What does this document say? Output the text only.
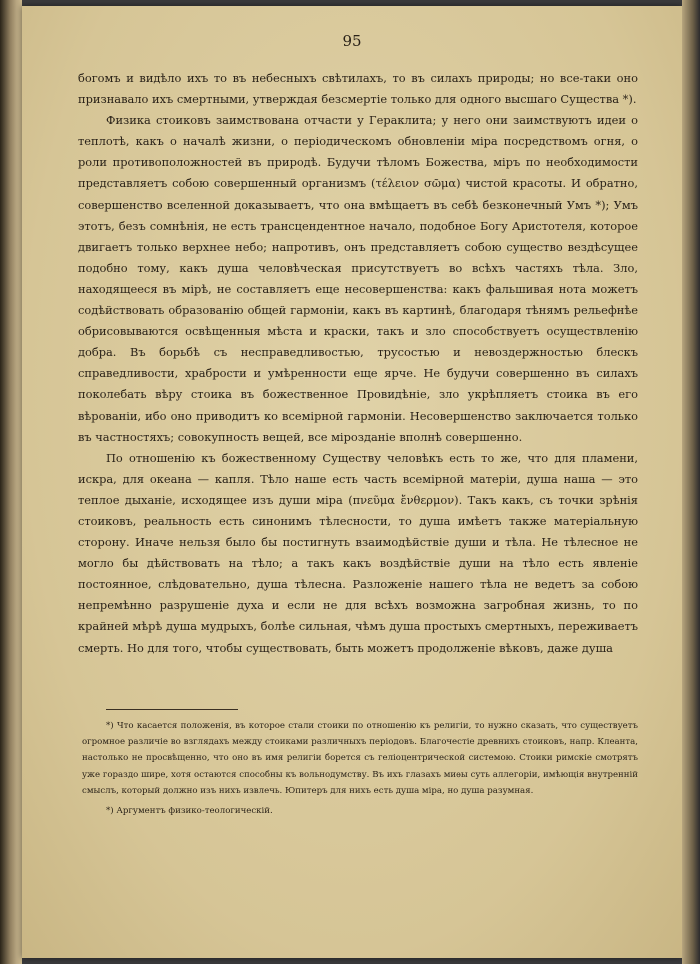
95

богомъ и видѣло ихъ то въ небесныхъ свѣтилахъ, то въ силахъ природы; но все-таки оно признавало ихъ смертными, утверждая безсмертіе только для одного высшаго Существа *).

Физика стоиковъ заимствована отчасти у Гераклита; у него они заимствуютъ идеи о теплотѣ, какъ о началѣ жизни, о періодическомъ обновленіи міра посредствомъ огня, о роли противоположностей въ природѣ. Будучи тѣломъ Божества, міръ по необходимости представляетъ собою совершенный организмъ (τέλειον σῶμα) чистой красоты. И обратно, совершенство вселенной доказываетъ, что она вмѣщаетъ въ себѣ безконечный Умъ *); Умъ этотъ, безъ сомнѣнія, не есть трансцендентное начало, подобное Богу Аристотеля, которое двигаетъ только верхнее небо; напротивъ, онъ представляетъ собою существо вездѣсущее подобно тому, какъ душа человѣческая присутствуетъ во всѣхъ частяхъ тѣла. Зло, находящееся въ мірѣ, не составляетъ еще несовершенства: какъ фальшивая нота можетъ содѣйствовать образованію общей гармоніи, какъ въ картинѣ, благодаря тѣнямъ рельефнѣе обрисовываются освѣщенныя мѣста и краски, такъ и зло способствуетъ осуществленію добра. Въ борьбѣ съ несправедливостью, трусостью и невоздержностью блескъ справедливости, храбрости и умѣренности еще ярче. Не будучи совершенно въ силахъ поколебать вѣру стоика въ божественное Провидѣніе, зло укрѣпляетъ стоика въ его вѣрованіи, ибо оно приводитъ ко всемірной гармоніи. Несовершенство заключается только въ частностяхъ; совокупность вещей, все мірозданіе вполнѣ совершенно.

По отношенію къ божественному Существу человѣкъ есть то же, что для пламени, искра, для океана — капля. Тѣло наше есть часть всемірной матеріи, душа наша — это теплое дыханіе, исходящее изъ души міра (πνεῦμα ἔνθερμον). Такъ какъ, съ точки зрѣнія стоиковъ, реальность есть синонимъ тѣлесности, то душа имѣетъ также матеріальную сторону. Иначе нельзя было бы постигнуть взаимодѣйствіе души и тѣла. Не тѣлесное не могло бы дѣйствовать на тѣло; а такъ какъ воздѣйствіе души на тѣло есть явленіе постоянное, слѣдовательно, душа тѣлесна. Разложеніе нашего тѣла не ведетъ за собою непремѣнно разрушеніе духа и если не для всѣхъ возможна загробная жизнь, то по крайней мѣрѣ душа мудрыхъ, болѣе сильная, чѣмъ душа простыхъ смертныхъ, переживаетъ смерть. Но для того, чтобы существовать, быть можетъ продолженіе вѣковъ, даже душа

*) Что касается положенія, въ которое стали стоики по отношенію къ религіи, то нужно сказать, что существуетъ огромное различіе во взглядахъ между стоиками различныхъ періодовъ. Благочестіе древнихъ стоиковъ, напр. Клеанта, настолько не просвѣщенно, что оно въ имя религіи борется съ гелiоцентрической системою. Стоики римскіе смотрятъ уже гораздо шире, хотя остаются способны къ вольнодумству. Въ ихъ глазахъ миѳы суть аллегоріи, имѣющія внутренній смыслъ, который должно изъ нихъ извлечь. Юпитеръ для нихъ есть душа міра, но душа разумная.

*) Аргументъ физико-теологическій.
